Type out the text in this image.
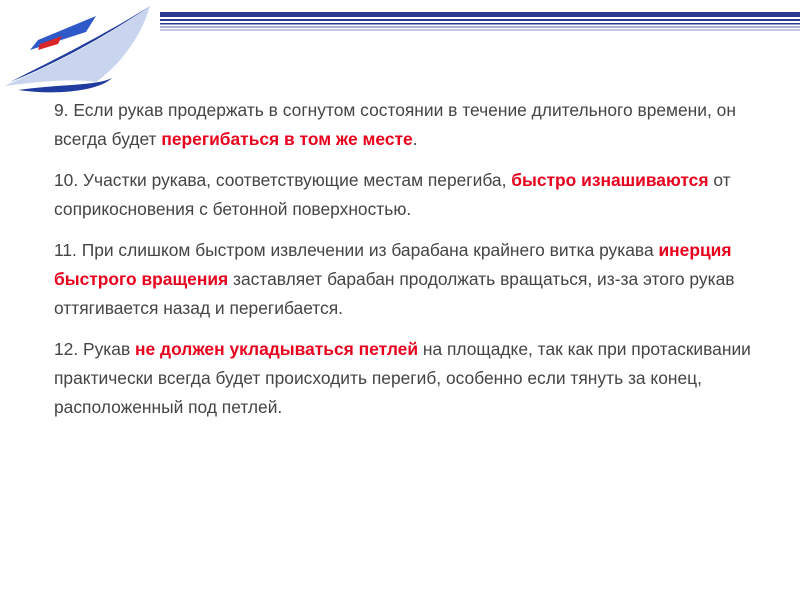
9. Если рукав продержать в согнутом состоянии в течение длительного времени, он всегда будет перегибаться в том же месте.

10. Участки рукава, соответствующие местам перегиба, быстро изнашиваются от соприкосновения с бетонной поверхностью.

11. При слишком быстром извлечении из барабана крайнего витка рукава инерция быстрого вращения заставляет барабан продолжать вращаться, из-за этого рукав оттягивается назад и перегибается.

12. Рукав не должен укладываться петлей на площадке, так как при протаскивании практически всегда будет происходить перегиб, особенно если тянуть за конец, расположенный под петлей.
